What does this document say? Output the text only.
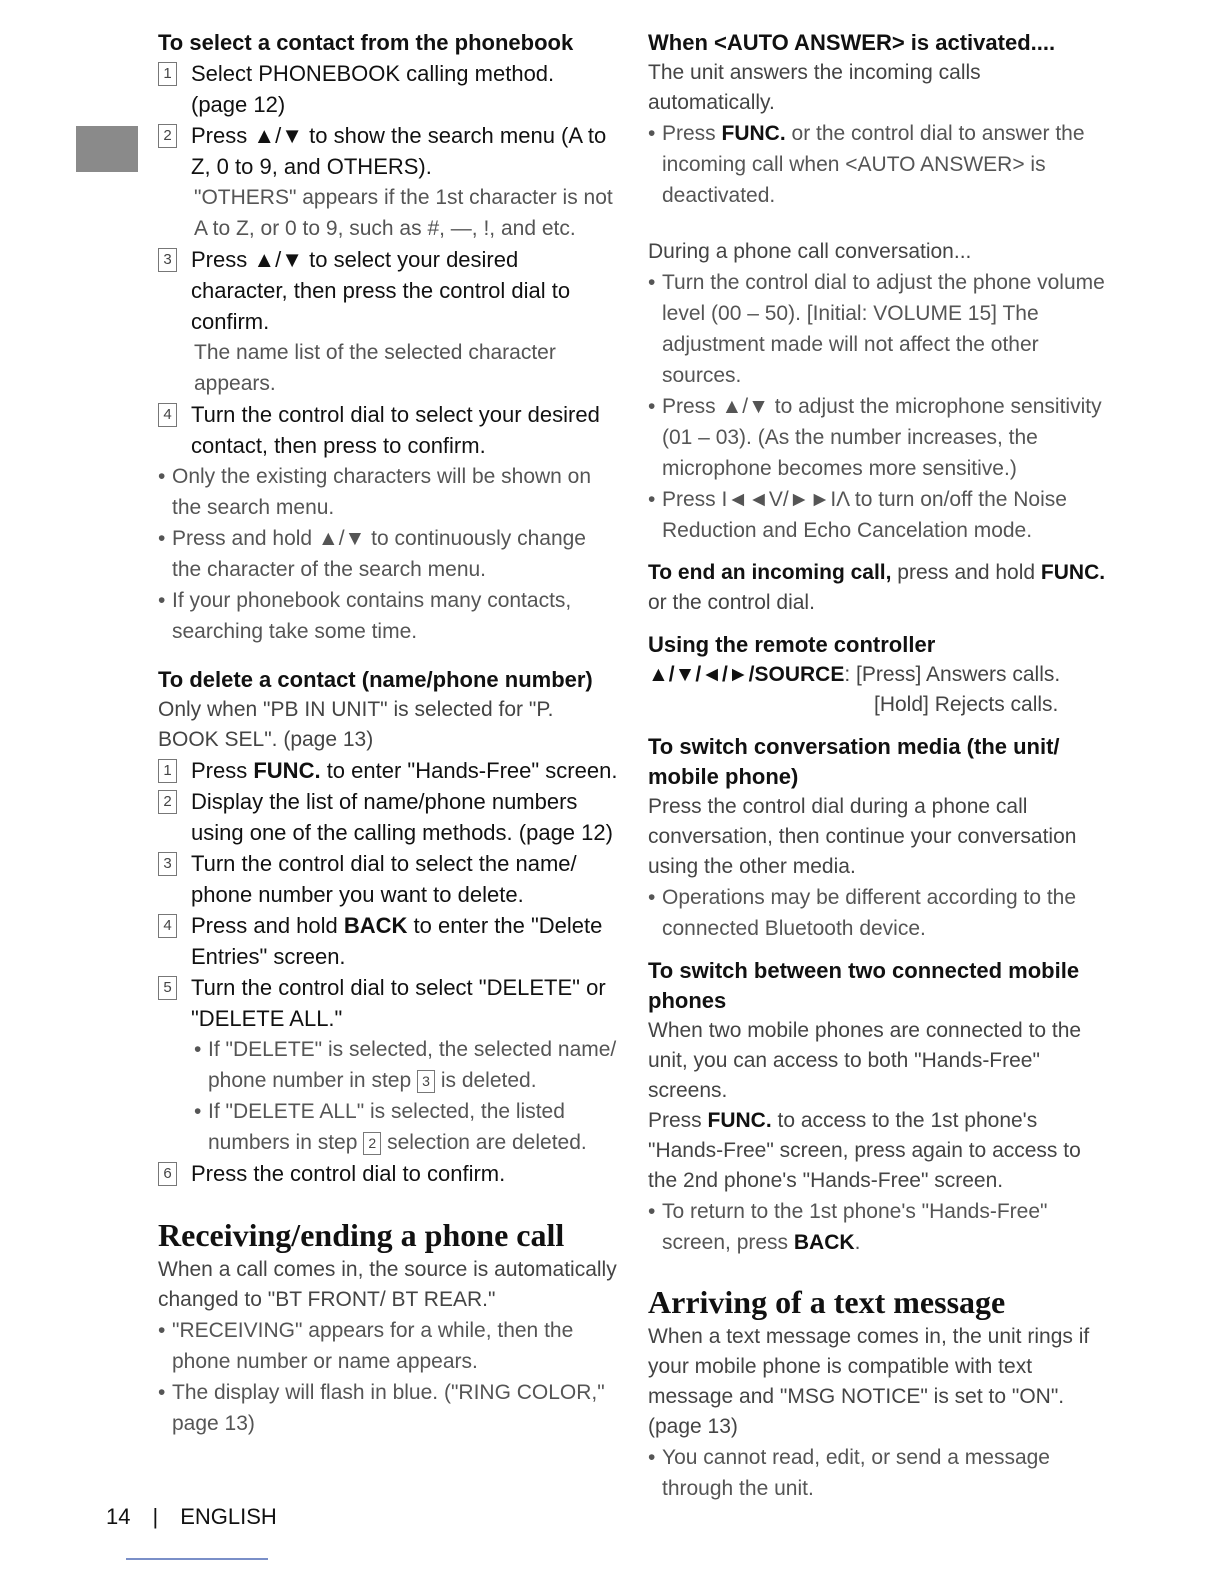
To select a contact from the phonebook

1 Select PHONEBOOK calling method.
(page 12)
2 Press ▲/▼ to show the search menu (A to Z, 0 to 9, and OTHERS).

"OTHERS" appears if the 1st character is not A to Z, or 0 to 9, such as #, —, !, and etc.

3 Press ▲/▼ to select your desired character, then press the control dial to confirm.

The name list of the selected character appears.

4 Turn the control dial to select your desired contact, then press to confirm.
• Only the existing characters will be shown on the search menu.
• Press and hold ▲/▼ to continuously change the character of the search menu.
• If your phonebook contains many contacts, searching take some time.

To delete a contact (name/phone number)

Only when "PB IN UNIT" is selected for "P. BOOK SEL". (page 13)

1 Press FUNC. to enter "Hands-Free" screen.
2 Display the list of name/phone numbers using one of the calling methods. (page 12)
3 Turn the control dial to select the name/ phone number you want to delete.
4 Press and hold BACK to enter the "Delete Entries" screen.
5 Turn the control dial to select "DELETE" or "DELETE ALL."
• If "DELETE" is selected, the selected name/ phone number in step 3 is deleted.
• If "DELETE ALL" is selected, the listed numbers in step 2 selection are deleted.
6 Press the control dial to confirm.

Receiving/ending a phone call

When a call comes in, the source is automatically changed to "BT FRONT/ BT REAR."

• "RECEIVING" appears for a while, then the phone number or name appears.
• The display will flash in blue. ("RING COLOR," page 13)

When <AUTO ANSWER> is activated....

The unit answers the incoming calls automatically.

• Press FUNC. or the control dial to answer the incoming call when <AUTO ANSWER> is deactivated.

During a phone call conversation...

• Turn the control dial to adjust the phone volume level (00 – 50). [Initial: VOLUME 15] The adjustment made will not affect the other sources.
• Press ▲/▼ to adjust the microphone sensitivity (01 – 03). (As the number increases, the microphone becomes more sensitive.)
• Press I◄◄V/►►IΛ to turn on/off the Noise Reduction and Echo Cancelation mode.

To end an incoming call, press and hold FUNC. or the control dial.

Using the remote controller

▲/▼/◄/►/SOURCE: [Press] Answers calls.

[Hold] Rejects calls.

To switch conversation media (the unit/ mobile phone)

Press the control dial during a phone call conversation, then continue your conversation using the other media.

• Operations may be different according to the connected Bluetooth device.

To switch between two connected mobile phones

When two mobile phones are connected to the unit, you can access to both "Hands-Free" screens.

Press FUNC. to access to the 1st phone's "Hands-Free" screen, press again to access to the 2nd phone's "Hands-Free" screen.

• To return to the 1st phone's "Hands-Free" screen, press BACK.

Arriving of a text message

When a text message comes in, the unit rings if your mobile phone is compatible with text message and "MSG NOTICE" is set to "ON". (page 13)

• You cannot read, edit, or send a message through the unit.
14 | ENGLISH
